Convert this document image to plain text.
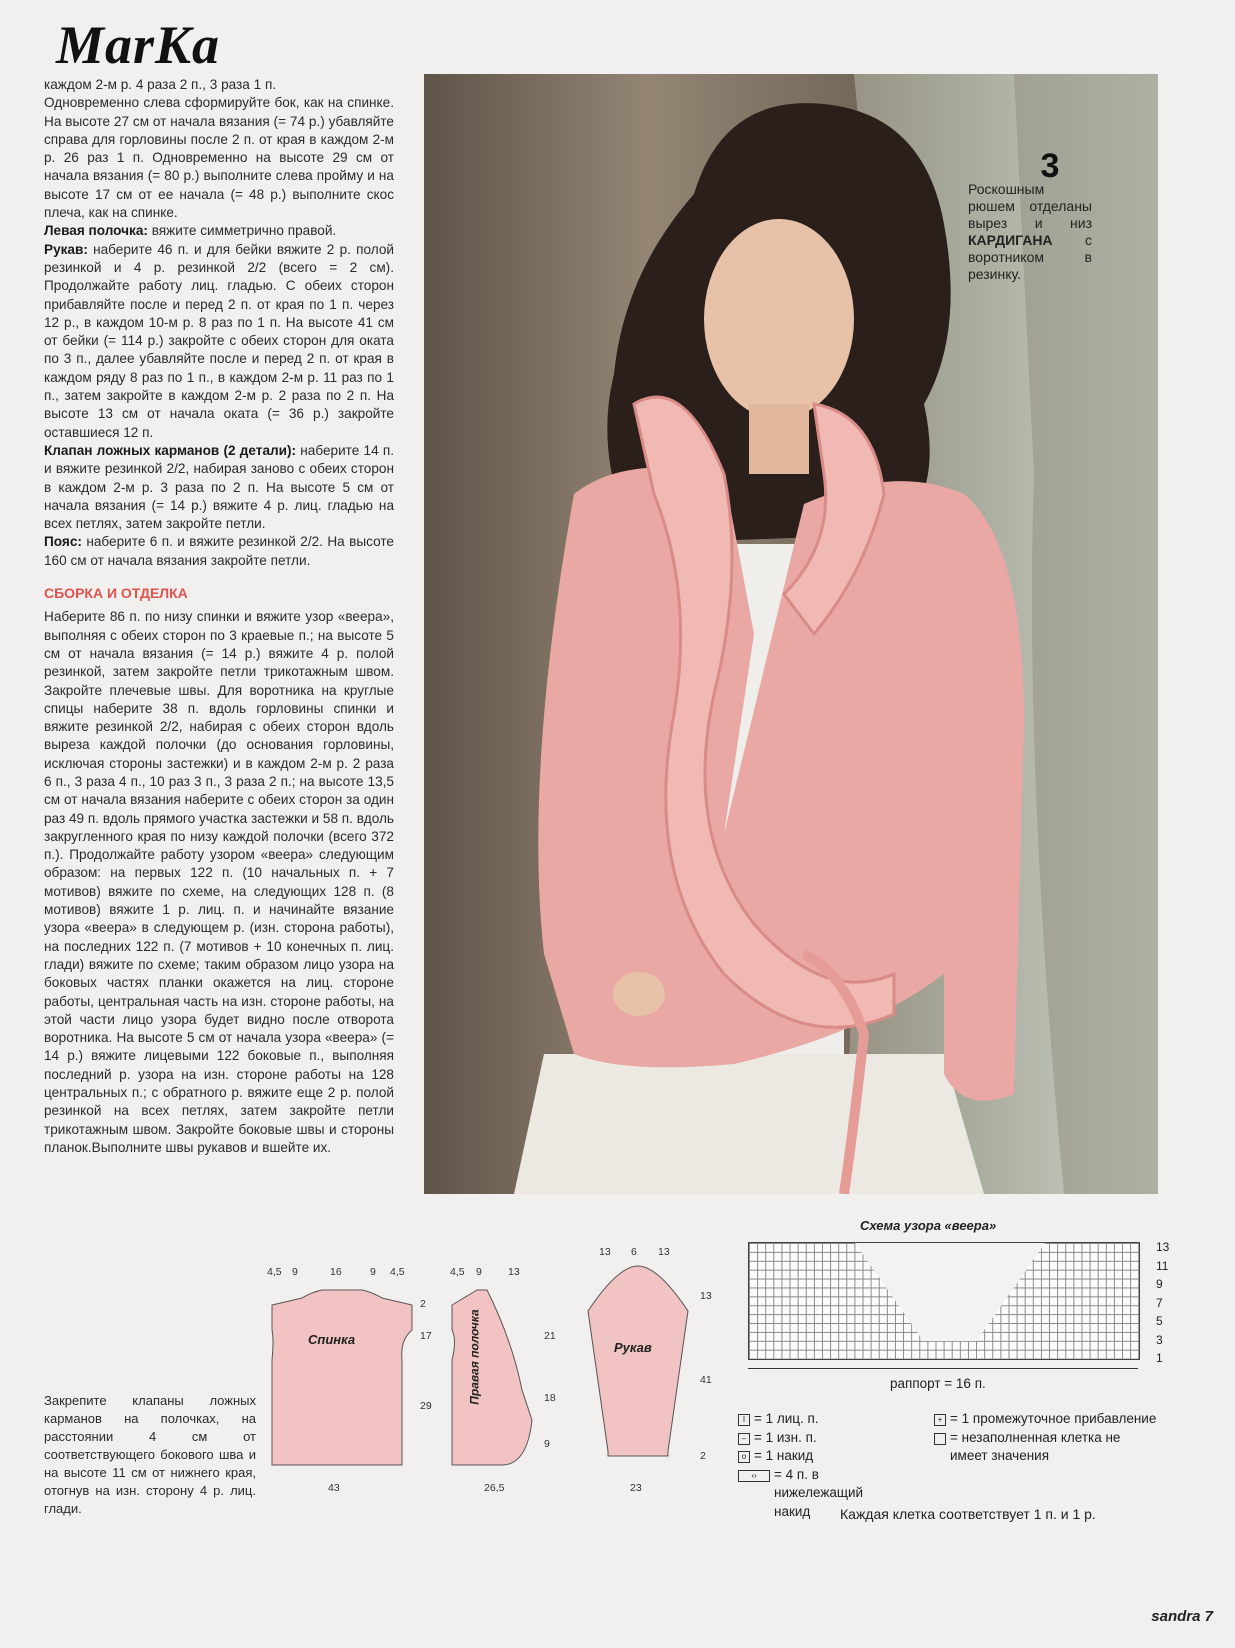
MarKa

каждом 2-м р. 4 раза 2 п., 3 раза 1 п.

Одновременно слева сформируйте бок, как на спинке. На высоте 27 см от начала вязания (= 74 р.) убавляйте справа для горловины после 2 п. от края в каждом 2-м р. 26 раз 1 п. Одновременно на высоте 29 см от начала вязания (= 80 р.) выполните слева пройму и на высоте 17 см от ее начала (= 48 р.) выполните скос плеча, как на спинке.

Левая полочка: вяжите симметрично правой.

Рукав: наберите 46 п. и для бейки вяжите 2 р. полой резинкой и 4 р. резинкой 2/2 (всего = 2 см). Продолжайте работу лиц. гладью. С обеих сторон прибавляйте после и перед 2 п. от края по 1 п. через 12 р., в каждом 10-м р. 8 раз по 1 п. На высоте 41 см от бейки (= 114 р.) закройте с обеих сторон для оката по 3 п., далее убавляйте после и перед 2 п. от края в каждом ряду 8 раз по 1 п., в каждом 2-м р. 11 раз по 1 п., затем закройте в каждом 2-м р. 2 раза по 2 п. На высоте 13 см от начала оката (= 36 р.) закройте оставшиеся 12 п.

Клапан ложных карманов (2 детали): наберите 14 п. и вяжите резинкой 2/2, набирая заново с обеих сторон в каждом 2-м р. 3 раза по 2 п. На высоте 5 см от начала вязания (= 14 р.) вяжите 4 р. лиц. гладью на всех петлях, затем закройте петли.

Пояс: наберите 6 п. и вяжите резинкой 2/2. На высоте 160 см от начала вязания закройте петли.

СБОРКА И ОТДЕЛКА

Наберите 86 п. по низу спинки и вяжите узор «веера», выполняя с обеих сторон по 3 краевые п.; на высоте 5 см от начала вязания (= 14 р.) вяжите 4 р. полой резинкой, затем закройте петли трикотажным швом. Закройте плечевые швы. Для воротника на круглые спицы наберите 38 п. вдоль горловины спинки и вяжите резинкой 2/2, набирая с обеих сторон вдоль выреза каждой полочки (до основания горловины, исключая стороны застежки) и в каждом 2-м р. 2 раза 6 п., 3 раза 4 п., 10 раз 3 п., 3 раза 2 п.; на высоте 13,5 см от начала вязания наберите с обеих сторон за один раз 49 п. вдоль прямого участка застежки и 58 п. вдоль закругленного края по низу каждой полочки (всего 372 п.). Продолжайте работу узором «веера» следующим образом: на первых 122 п. (10 начальных п. + 7 мотивов) вяжите по схеме, на следующих 128 п. (8 мотивов) вяжите 1 р. лиц. п. и начинайте вязание узора «веера» в следующем р. (изн. сторона работы), на последних 122 п. (7 мотивов + 10 конечных п. лиц. глади) вяжите по схеме; таким образом лицо узора на боковых частях планки окажется на лиц. стороне работы, центральная часть на изн. стороне работы, на этой части лицо узора будет видно после отворота воротника. На высоте 5 см от начала узора «веера» (= 14 р.) вяжите лицевыми 122 боковые п., выполняя последний р. узора на изн. стороне работы на 128 центральных п.; с обратного р. вяжите еще 2 р. полой резинкой на всех петлях, затем закройте петли трикотажным швом. Закройте боковые швы и стороны планок.Выполните швы рукавов и вшейте их.

Закрепите клапаны ложных карманов на полочках, на расстоянии 4 см от соответствующего бокового шва и на высоте 11 см от нижнего края, отогнув на изн. сторону 4 р. лиц. глади.

3
Роскошным рюшем отделаны вырез и низ КАРДИГАНА с воротником в резинку.
4,5 9	16	9 4,5
Спинка
2
17
29
43
4,5 9 13
Правая полочка	21
18
9
26,5
13 6 13
Рукав
13
41
2
23
Схема узора «веера»
13
11
9
7
5
3
1
раппорт = 16 п.
I = 1 лиц. п.
– = 1 изн. п.
o = 1 накид
‹›	= 4 п. в нижележащий накид
+ = 1 промежуточное прибавление
= незаполненная клетка не имеет значения
Каждая клетка соответствует 1 п. и 1 р.
sandra 7
